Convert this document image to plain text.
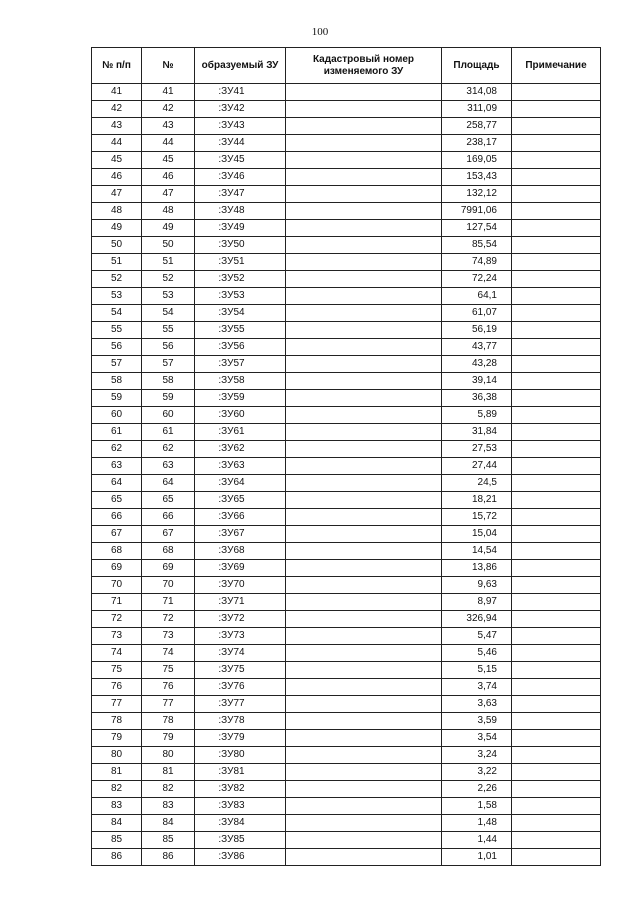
100
№ п/п	№	образуемый ЗУ	Кадастровый номер изменяемого ЗУ	Площадь	Примечание
41	41	:ЗУ41		314,08	
42	42	:ЗУ42		311,09	
43	43	:ЗУ43		258,77	
44	44	:ЗУ44		238,17	
45	45	:ЗУ45		169,05	
46	46	:ЗУ46		153,43	
47	47	:ЗУ47		132,12	
48	48	:ЗУ48		7991,06	
49	49	:ЗУ49		127,54	
50	50	:ЗУ50		85,54	
51	51	:ЗУ51		74,89	
52	52	:ЗУ52		72,24	
53	53	:ЗУ53		64,1	
54	54	:ЗУ54		61,07	
55	55	:ЗУ55		56,19	
56	56	:ЗУ56		43,77	
57	57	:ЗУ57		43,28	
58	58	:ЗУ58		39,14	
59	59	:ЗУ59		36,38	
60	60	:ЗУ60		5,89	
61	61	:ЗУ61		31,84	
62	62	:ЗУ62		27,53	
63	63	:ЗУ63		27,44	
64	64	:ЗУ64		24,5	
65	65	:ЗУ65		18,21	
66	66	:ЗУ66		15,72	
67	67	:ЗУ67		15,04	
68	68	:ЗУ68		14,54	
69	69	:ЗУ69		13,86	
70	70	:ЗУ70		9,63	
71	71	:ЗУ71		8,97	
72	72	:ЗУ72		326,94	
73	73	:ЗУ73		5,47	
74	74	:ЗУ74		5,46	
75	75	:ЗУ75		5,15	
76	76	:ЗУ76		3,74	
77	77	:ЗУ77		3,63	
78	78	:ЗУ78		3,59	
79	79	:ЗУ79		3,54	
80	80	:ЗУ80		3,24	
81	81	:ЗУ81		3,22	
82	82	:ЗУ82		2,26	
83	83	:ЗУ83		1,58	
84	84	:ЗУ84		1,48	
85	85	:ЗУ85		1,44	
86	86	:ЗУ86		1,01	
